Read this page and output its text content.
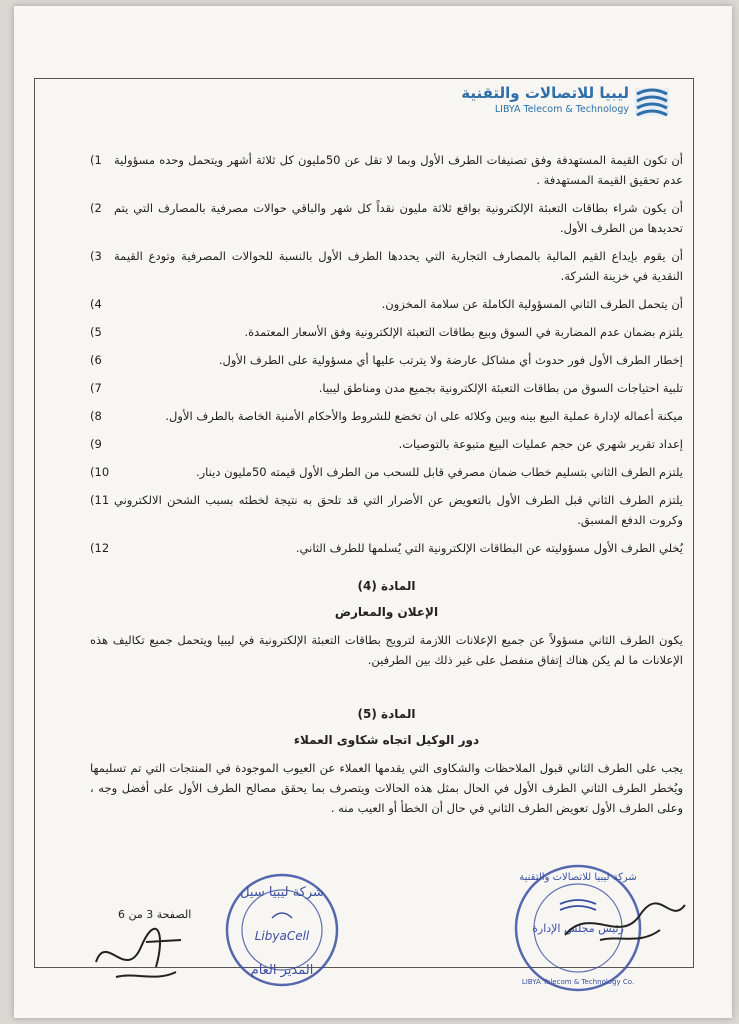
ليبيا للاتصالات والتقنية
LIBYA Telecom & Technology
أن تكون القيمة المستهدفة وفق تصنيفات الطرف الأول وبما لا تقل عن 50مليون كل ثلاثة أشهر ويتحمل وحده مسؤولية عدم تحقيق القيمة المستهدفة .
1)
أن يكون شراء بطاقات التعبئة الإلكترونية بواقع ثلاثة مليون نقداً كل شهر والباقي حوالات مصرفية بالمصارف التي يتم تحديدها من الطرف الأول.
2)
أن يقوم بإيداع القيم المالية بالمصارف التجارية التي يحددها الطرف الأول بالنسبة للحوالات المصرفية وتودع القيمة النقدية في خزينة الشركة.
3)
أن يتحمل الطرف الثاني المسؤولية الكاملة عن سلامة المخزون.
4)
يلتزم بضمان عدم المضاربة في السوق وبيع بطاقات التعبئة الإلكترونية وفق الأسعار المعتمدة.
5)
إخطار الطرف الأول فور حدوث أي مشاكل عارضة ولا يترتب عليها أي مسؤولية على الطرف الأول.
6)
تلبية احتياجات السوق من بطاقات التعبئة الإلكترونية بجميع مدن ومناطق ليبيا.
7)
ميكنة أعماله لإدارة عملية البيع بينه وبين وكلائه على ان تخضع للشروط والأحكام الأمنية الخاصة بالطرف الأول.
8)
إعداد تقرير شهري عن حجم عمليات البيع متبوعة بالتوصيات.
9)
يلتزم الطرف الثاني بتسليم خطاب ضمان مصرفي قابل للسحب من الطرف الأول قيمته 50مليون دينار.
10)
يلتزم الطرف الثاني قبل الطرف الأول بالتعويض عن الأضرار التي قد تلحق به نتيجة لخطئه بسبب الشحن الالكتروني وكروت الدفع المسبق.
11)
يُخلي الطرف الأول مسؤوليته عن البطاقات الإلكترونية التي يُسلمها للطرف الثاني.
12)
المادة (4)
الإعلان والمعارض
يكون الطرف الثاني مسؤولاً عن جميع الإعلانات اللازمة لترويج بطاقات التعبئة الإلكترونية في ليبيا ويتحمل جميع تكاليف هذه الإعلانات ما لم يكن هناك إتفاق منفصل على غير ذلك بين الطرفين.
المادة (5)
دور الوكيل اتجاه شكاوى العملاء
يجب على الطرف الثاني قبول الملاحظات والشكاوى التي يقدمها العملاء عن العيوب الموجودة في المنتجات التي تم تسليمها ويُخطر الطرف الثاني الطرف الأول في الحال بمثل هذه الحالات ويتصرف بما يحقق مصالح الطرف الأول على أفضل وجه ، وعلى الطرف الأول تعويض الطرف الثاني في حال أن الخطأ أو العيب منه .
الصفحة 3 من 6
شركة ليبيا سيل
LibyaCell
المدير العام
شركة ليبيا للاتصالات والتقنية
رئيس مجلس الإدارة
LIBYA Telecom & Technology Co.
